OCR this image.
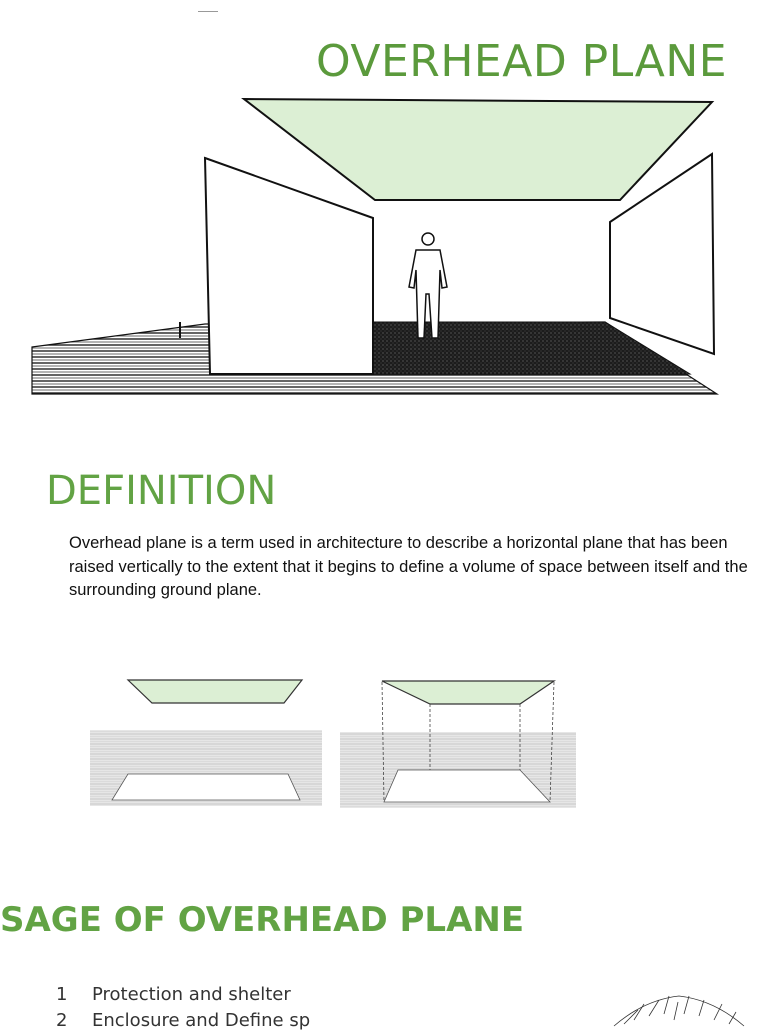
OVERHEAD PLANE
DEFINITION
Overhead plane is a term used in architecture to describe a horizontal plane that has been raised vertically to the extent that it begins to define a volume of space between itself and the surrounding ground plane.
SAGE OF OVERHEAD PLANE
1 Protection and shelter
2 Enclosure and Define sp
